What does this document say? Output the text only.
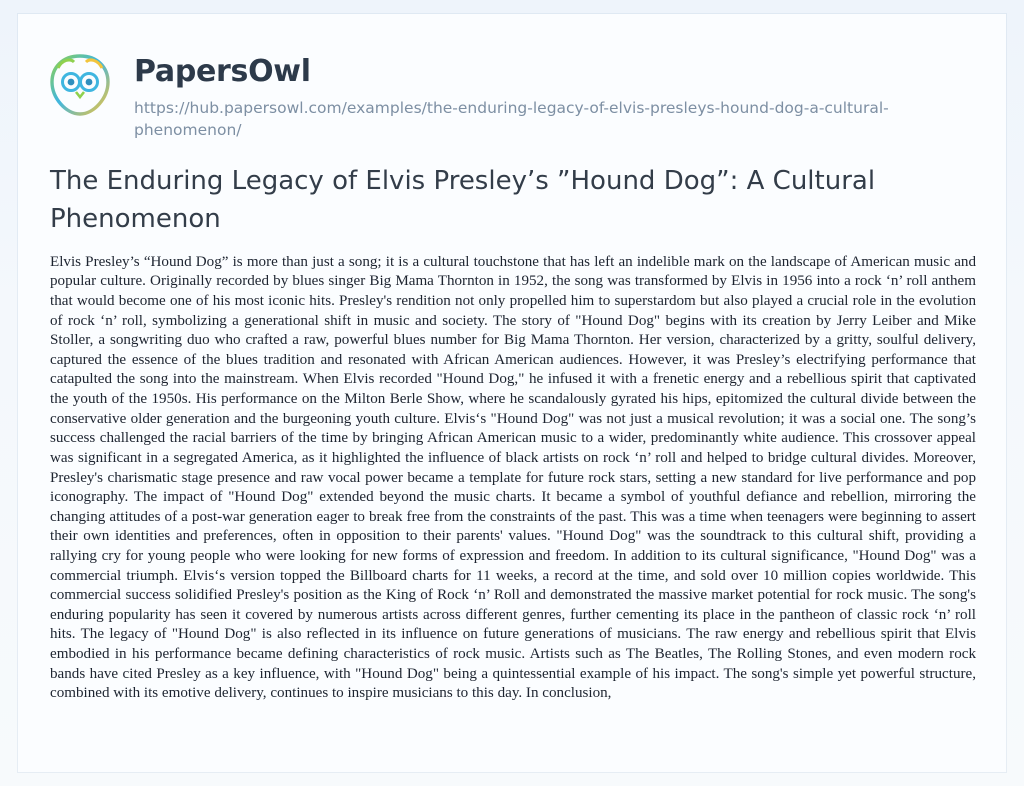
PapersOwl
https://hub.papersowl.com/examples/the-enduring-legacy-of-elvis-presleys-hound-dog-a-cultural-phenomenon/
The Enduring Legacy of Elvis Presley’s ”Hound Dog”: A Cultural Phenomenon

Elvis Presley’s “Hound Dog” is more than just a song; it is a cultural touchstone that has left an indelible mark on the landscape of American music and popular culture. Originally recorded by blues singer Big Mama Thornton in 1952, the song was transformed by Elvis in 1956 into a rock ‘n’ roll anthem that would become one of his most iconic hits. Presley's rendition not only propelled him to superstardom but also played a crucial role in the evolution of rock ‘n’ roll, symbolizing a generational shift in music and society. The story of "Hound Dog" begins with its creation by Jerry Leiber and Mike Stoller, a songwriting duo who crafted a raw, powerful blues number for Big Mama Thornton. Her version, characterized by a gritty, soulful delivery, captured the essence of the blues tradition and resonated with African American audiences. However, it was Presley’s electrifying performance that catapulted the song into the mainstream. When Elvis recorded "Hound Dog," he infused it with a frenetic energy and a rebellious spirit that captivated the youth of the 1950s. His performance on the Milton Berle Show, where he scandalously gyrated his hips, epitomized the cultural divide between the conservative older generation and the burgeoning youth culture. Elvis‘s "Hound Dog" was not just a musical revolution; it was a social one. The song’s success challenged the racial barriers of the time by bringing African American music to a wider, predominantly white audience. This crossover appeal was significant in a segregated America, as it highlighted the influence of black artists on rock ‘n’ roll and helped to bridge cultural divides. Moreover, Presley's charismatic stage presence and raw vocal power became a template for future rock stars, setting a new standard for live performance and pop iconography. The impact of "Hound Dog" extended beyond the music charts. It became a symbol of youthful defiance and rebellion, mirroring the changing attitudes of a post-war generation eager to break free from the constraints of the past. This was a time when teenagers were beginning to assert their own identities and preferences, often in opposition to their parents' values. "Hound Dog" was the soundtrack to this cultural shift, providing a rallying cry for young people who were looking for new forms of expression and freedom. In addition to its cultural significance, "Hound Dog" was a commercial triumph. Elvis‘s version topped the Billboard charts for 11 weeks, a record at the time, and sold over 10 million copies worldwide. This commercial success solidified Presley's position as the King of Rock ‘n’ Roll and demonstrated the massive market potential for rock music. The song's enduring popularity has seen it covered by numerous artists across different genres, further cementing its place in the pantheon of classic rock ‘n’ roll hits. The legacy of "Hound Dog" is also reflected in its influence on future generations of musicians. The raw energy and rebellious spirit that Elvis embodied in his performance became defining characteristics of rock music. Artists such as The Beatles, The Rolling Stones, and even modern rock bands have cited Presley as a key influence, with "Hound Dog" being a quintessential example of his impact. The song's simple yet powerful structure, combined with its emotive delivery, continues to inspire musicians to this day. In conclusion,
